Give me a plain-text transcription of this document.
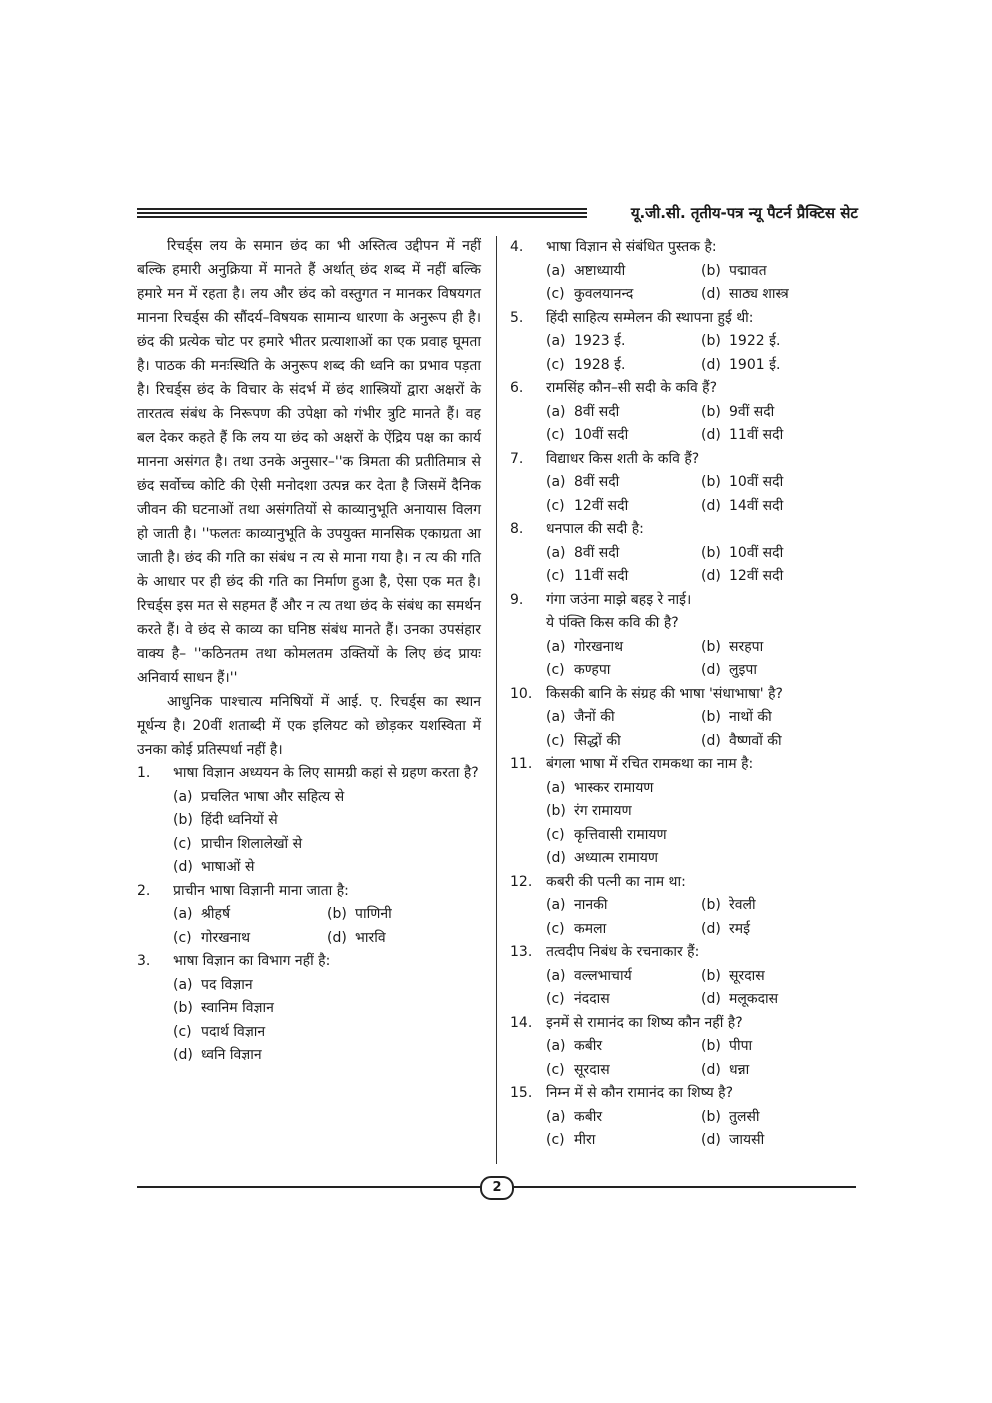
यू.जी.सी. तृतीय-पत्र न्यू पैटर्न प्रैक्टिस सेट

रिचर्ड्स लय के समान छंद का भी अस्तित्व उद्दीपन में नहीं बल्कि हमारी अनुक्रिया में मानते हैं अर्थात् छंद शब्द में नहीं बल्कि हमारे मन में रहता है। लय और छंद को वस्तुगत न मानकर विषयगत मानना रिचर्ड्स की सौंदर्य–विषयक सामान्य धारणा के अनुरूप ही है। छंद की प्रत्येक चोट पर हमारे भीतर प्रत्याशाओं का एक प्रवाह घूमता है। पाठक की मनःस्थिति के अनुरूप शब्द की ध्वनि का प्रभाव पड़ता है। रिचर्ड्स छंद के विचार के संदर्भ में छंद शास्त्रियों द्वारा अक्षरों के तारतत्व संबंध के निरूपण की उपेक्षा को गंभीर त्रुटि मानते हैं। वह बल देकर कहते हैं कि लय या छंद को अक्षरों के ऐंद्रिय पक्ष का कार्य मानना असंगत है। तथा उनके अनुसार–''क त्रिमता की प्रतीतिमात्र से छंद सर्वोच्च कोटि की ऐसी मनोदशा उत्पन्न कर देता है जिसमें दैनिक जीवन की घटनाओं तथा असंगतियों से काव्यानुभूति अनायास विलग हो जाती है। ''फलतः काव्यानुभूति के उपयुक्त मानसिक एकाग्रता आ जाती है। छंद की गति का संबंध न त्य से माना गया है। न त्य की गति के आधार पर ही छंद की गति का निर्माण हुआ है, ऐसा एक मत है। रिचर्ड्स इस मत से सहमत हैं और न त्य तथा छंद के संबंध का समर्थन करते हैं। वे छंद से काव्य का घनिष्ठ संबंध मानते हैं। उनका उपसंहार वाक्य है– ''कठिनतम तथा कोमलतम उक्तियों के लिए छंद प्रायः अनिवार्य साधन हैं।''

आधुनिक पाश्चात्य मनिषियों में आई. ए. रिचर्ड्स का स्थान मूर्धन्य है। 20वीं शताब्दी में एक इलियट को छोड़कर यशस्विता में उनका कोई प्रतिस्पर्धा नहीं है।

1.	भाषा विज्ञान अध्ययन के लिए सामग्री कहां से ग्रहण करता है?
(a) प्रचलित भाषा और सहित्य से
(b) हिंदी ध्वनियों से
(c) प्राचीन शिलालेखों से
(d) भाषाओं से
2.	प्राचीन भाषा विज्ञानी माना जाता है:
(a) श्रीहर्ष	(b) पाणिनी
(c) गोरखनाथ	(d) भारवि
3.	भाषा विज्ञान का विभाग नहीं है:
(a) पद विज्ञान
(b) स्वानिम विज्ञान
(c) पदार्थ विज्ञान
(d) ध्वनि विज्ञान
4.	भाषा विज्ञान से संबंधित पुस्तक है:
(a) अष्टाध्यायी	(b) पद्मावत
(c) कुवलयानन्द	(d) साठ्य शास्त्र
5.	हिंदी साहित्य सम्मेलन की स्थापना हुई थी:
(a) 1923 ई.	(b) 1922 ई.
(c) 1928 ई.	(d) 1901 ई.
6.	रामसिंह कौन–सी सदी के कवि हैं?
(a) 8वीं सदी	(b) 9वीं सदी
(c) 10वीं सदी	(d) 11वीं सदी
7.	विद्याधर किस शती के कवि हैं?
(a) 8वीं सदी	(b) 10वीं सदी
(c) 12वीं सदी	(d) 14वीं सदी
8.	धनपाल की सदी है:
(a) 8वीं सदी	(b) 10वीं सदी
(c) 11वीं सदी	(d) 12वीं सदी
9.	गंगा जउंना माझे बहइ रे नाई।
ये पंक्ति किस कवि की है?
(a) गोरखनाथ	(b) सरहपा
(c) कण्हपा	(d) लुइपा
10. किसकी बानि के संग्रह की भाषा 'संधाभाषा' है?
(a) जैनों की	(b) नाथों की
(c) सिद्धों की	(d) वैष्णवों की
11. बंगला भाषा में रचित रामकथा का नाम है:
(a) भास्कर रामायण
(b) रंग रामायण
(c) कृत्तिवासी रामायण
(d) अध्यात्म रामायण
12. कबरी की पत्नी का नाम था:
(a) नानकी	(b) रेवली
(c) कमला	(d) रमई
13. तत्वदीप निबंध के रचनाकार हैं:
(a) वल्लभाचार्य	(b) सूरदास
(c) नंददास	(d) मलूकदास
14. इनमें से रामानंद का शिष्य कौन नहीं है?
(a) कबीर	(b) पीपा
(c) सूरदास	(d) धन्ना
15. निम्न में से कौन रामानंद का शिष्य है?
(a) कबीर	(b) तुलसी
(c) मीरा	(d) जायसी
2
